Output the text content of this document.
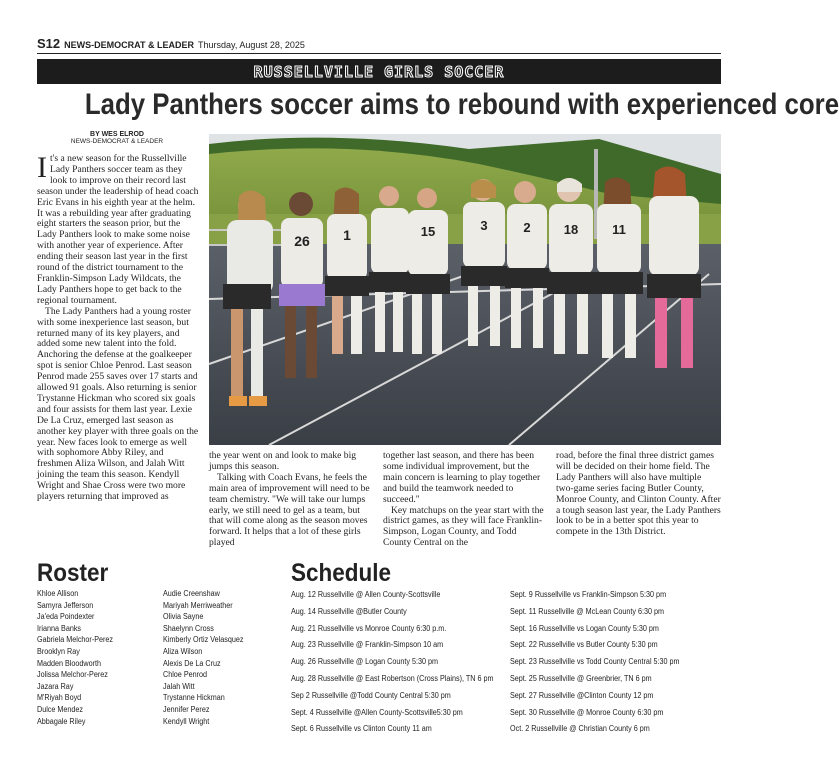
S12 NEWS-DEMOCRAT & LEADER Thursday, August 28, 2025
RUSSELLVILLE GIRLS SOCCER
Lady Panthers soccer aims to rebound with experienced core
BY WES ELROD
NEWS-DEMOCRAT & LEADER

It's a new season for the Russellville Lady Panthers soccer team as they look to improve on their record last season under the leadership of head coach Eric Evans in his eighth year at the helm. It was a rebuilding year after graduating eight starters the season prior, but the Lady Panthers look to make some noise with another year of experience. After ending their season last year in the first round of the district tournament to the Franklin-Simpson Lady Wildcats, the Lady Panthers hope to get back to the regional tournament.

The Lady Panthers had a young roster with some inexperience last season, but returned many of its key players, and added some new talent into the fold. Anchoring the defense at the goalkeeper spot is senior Chloe Penrod. Last season Penrod made 255 saves over 17 starts and allowed 91 goals. Also returning is senior Trystanne Hickman who scored six goals and four assists for them last year. Lexie De La Cruz, emerged last season as another key player with three goals on the year. New faces look to emerge as well with sophomore Abby Riley, and freshmen Aliza Wilson, and Jalah Witt joining the team this season. Kendyll Wright and Shae Cross were two more players returning that improved as

26 1	15	3	2	18	11

the year went on and look to make big jumps this season.

Talking with Coach Evans, he feels the main area of improvement will need to be team chemistry. "We will take our lumps early, we still need to gel as a team, but that will come along as the season moves forward. It helps that a lot of these girls played

together last season, and there has been some individual improvement, but the main concern is learning to play together and build the teamwork needed to succeed."

Key matchups on the year start with the district games, as they will face Franklin-Simpson, Logan County, and Todd County Central on the

road, before the final three district games will be decided on their home field. The Lady Panthers will also have multiple two-game series facing Butler County, Monroe County, and Clinton County. After a tough season last year, the Lady Panthers look to be in a better spot this year to compete in the 13th District.

Roster
Khloe Allison
Samyra Jefferson
Ja'eda Poindexter
Irianna Banks
Gabriela Melchor-Perez
Brooklyn Ray
Madden Bloodworth
Jolissa Melchor-Perez
Jazara Ray
M'Riyah Boyd
Dulce Mendez
Abbagale Riley
Audie Creenshaw
Mariyah Merriweather
Olivia Sayne
Shaelynn Cross
Kimberly Ortiz Velasquez
Aliza Wilson
Alexis De La Cruz
Chloe Penrod
Jalah Witt
Trystanne Hickman
Jennifer Perez
Kendyll Wright
Schedule
Aug. 12 Russellville @ Allen County-Scottsville
Aug. 14 Russellville @Butler County
Aug. 21 Russellville vs Monroe County 6:30 p.m.
Aug. 23 Russellville @ Franklin-Simpson 10 am
Aug. 26 Russellville @ Logan County 5:30 pm
Aug. 28 Russellville @ East Robertson (Cross Plains), TN 6 pm
Sep 2 Russellville @Todd County Central 5:30 pm
Sept. 4 Russellville @Allen County-Scottsville5:30 pm
Sept. 6 Russellville vs Clinton County 11 am
Sept. 9 Russellville vs Franklin-Simpson 5:30 pm
Sept. 11 Russellville @ McLean County 6:30 pm
Sept. 16 Russellville vs Logan County 5:30 pm
Sept. 22 Russellville vs Butler County 5:30 pm
Sept. 23 Russellville vs Todd County Central 5:30 pm
Sept. 25 Russellville @ Greenbrier, TN 6 pm
Sept. 27 Russellville @Clinton County 12 pm
Sept. 30 Russellville @ Monroe County 6:30 pm
Oct. 2 Russellville @ Christian County 6 pm
